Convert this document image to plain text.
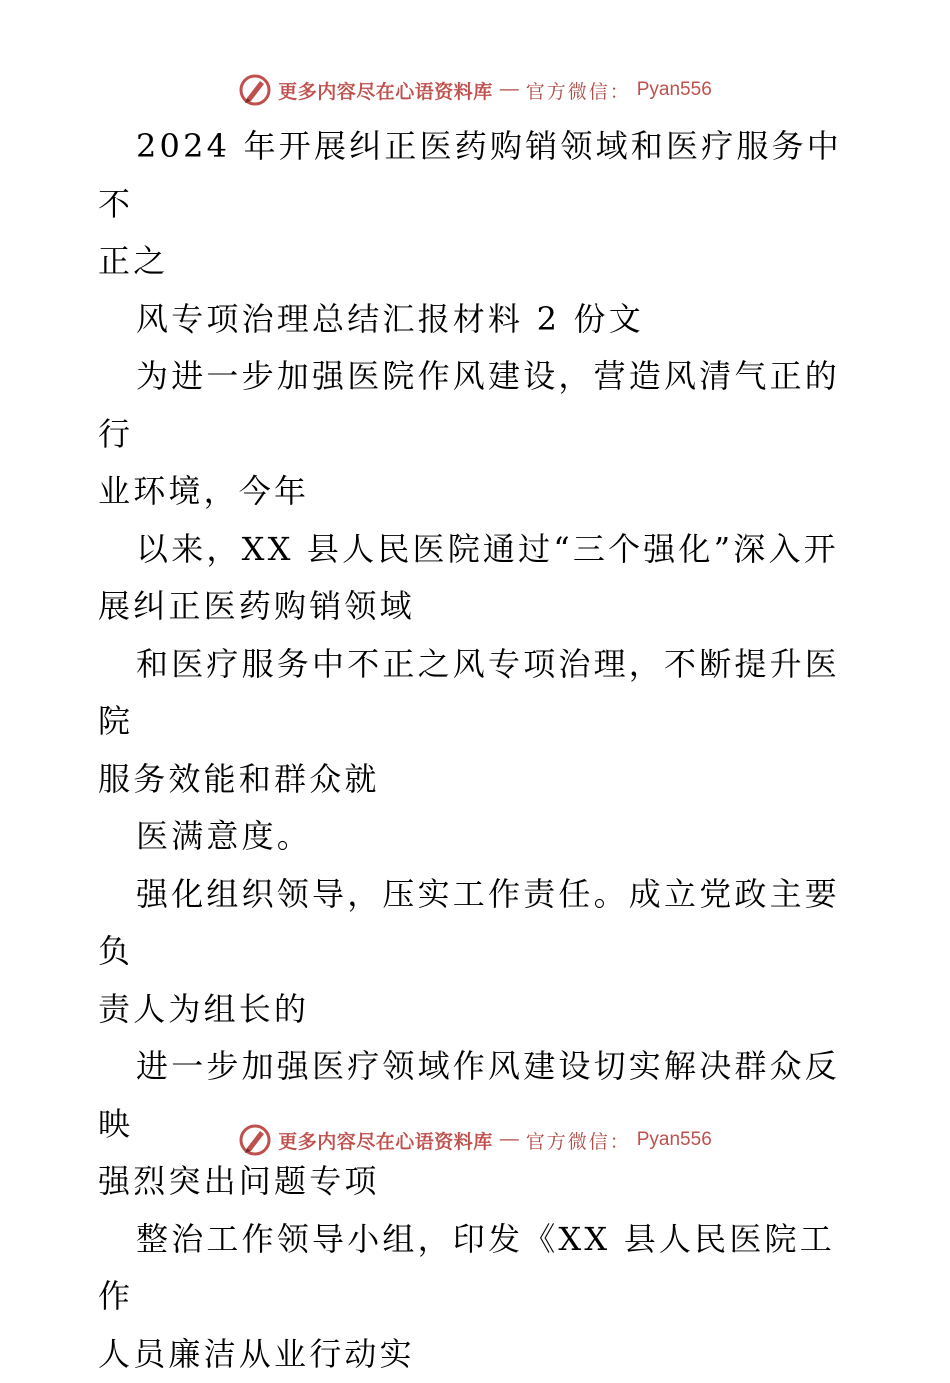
更多内容尽在心语资料库 — 官方微信： Pyan556

2024 年开展纠正医药购销领域和医疗服务中不
正之

风专项治理总结汇报材料 2 份文

为进一步加强医院作风建设，营造风清气正的行
业环境，今年

以来，XX 县人民医院通过“三个强化”深入开
展纠正医药购销领域

和医疗服务中不正之风专项治理，不断提升医院
服务效能和群众就

医满意度。

强化组织领导，压实工作责任。成立党政主要负
责人为组长的

进一步加强医疗领域作风建设切实解决群众反映
强烈突出问题专项

整治工作领导小组，印发《XX 县人民医院工作
人员廉洁从业行动实

更多内容尽在心语资料库 — 官方微信： Pyan556
